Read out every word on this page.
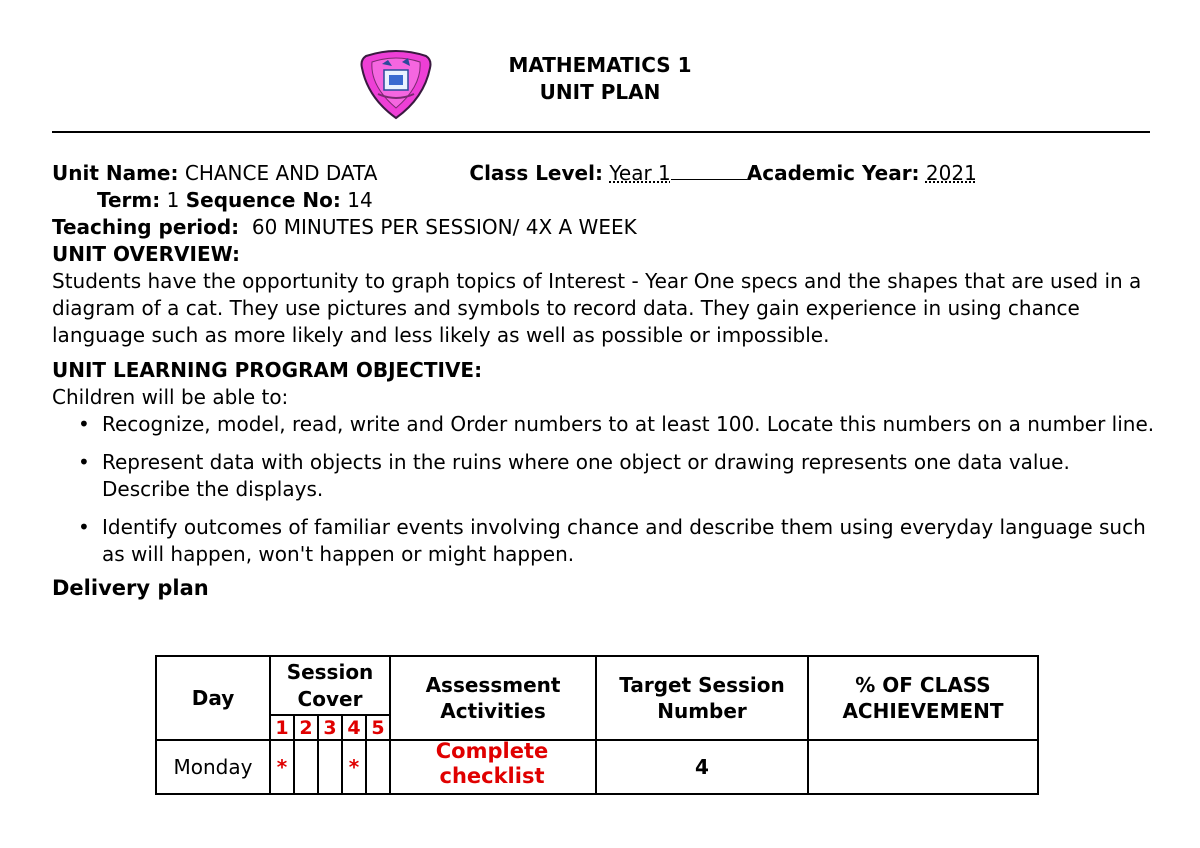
MATHEMATICS 1
UNIT PLAN
Unit Name: CHANCE AND DATA	Class Level: Year 1	Academic Year: 2021
Term: 1 Sequence No: 14
Teaching period: 60 MINUTES PER SESSION/ 4X A WEEK
UNIT OVERVIEW:
Students have the opportunity to graph topics of Interest - Year One specs and the shapes that are used in a diagram of a cat. They use pictures and symbols to record data. They gain experience in using chance language such as more likely and less likely as well as possible or impossible.
UNIT LEARNING PROGRAM OBJECTIVE:
Children will be able to:
• Recognize, model, read, write and Order numbers to at least 100. Locate this numbers on a number line.
• Represent data with objects in the ruins where one object or drawing represents one data value. Describe the displays.
• Identify outcomes of familiar events involving chance and describe them using everyday language such as will happen, won't happen or might happen.
Delivery plan
Day	Session Cover					Assessment Activities	Target Session Number	% OF CLASS ACHIEVEMENT
	1	2	3	4	5			
Monday	*			*		Complete checklist	4	
